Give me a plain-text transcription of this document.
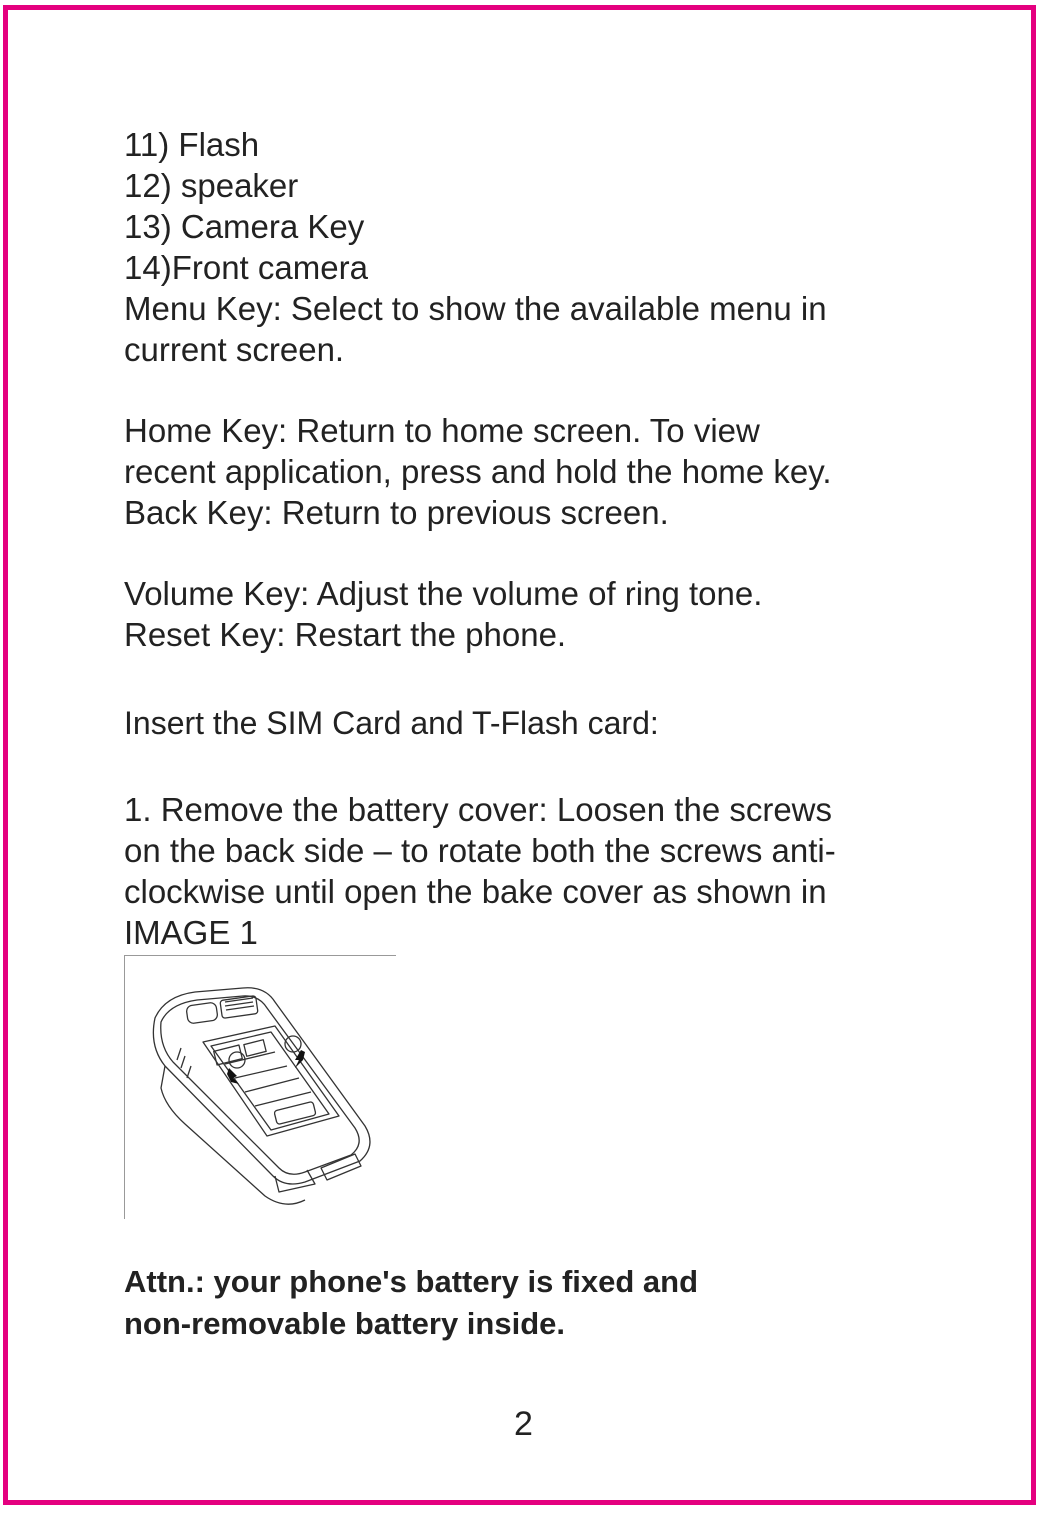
11) Flash
12) speaker
13) Camera Key
14)Front camera
Menu Key: Select to show the available menu in
current screen.
Home Key: Return to home screen. To view
recent application, press and hold the home key.
Back Key: Return to previous screen.
Volume Key: Adjust the volume of ring tone.
Reset Key: Restart the phone.
Insert the SIM Card and T-Flash card:
1. Remove the battery cover: Loosen the screws
on the back side – to rotate both the screws anti-
clockwise until open the bake cover as shown in
IMAGE 1
Attn.: your phone's battery is fixed and
non-removable battery inside.
2
